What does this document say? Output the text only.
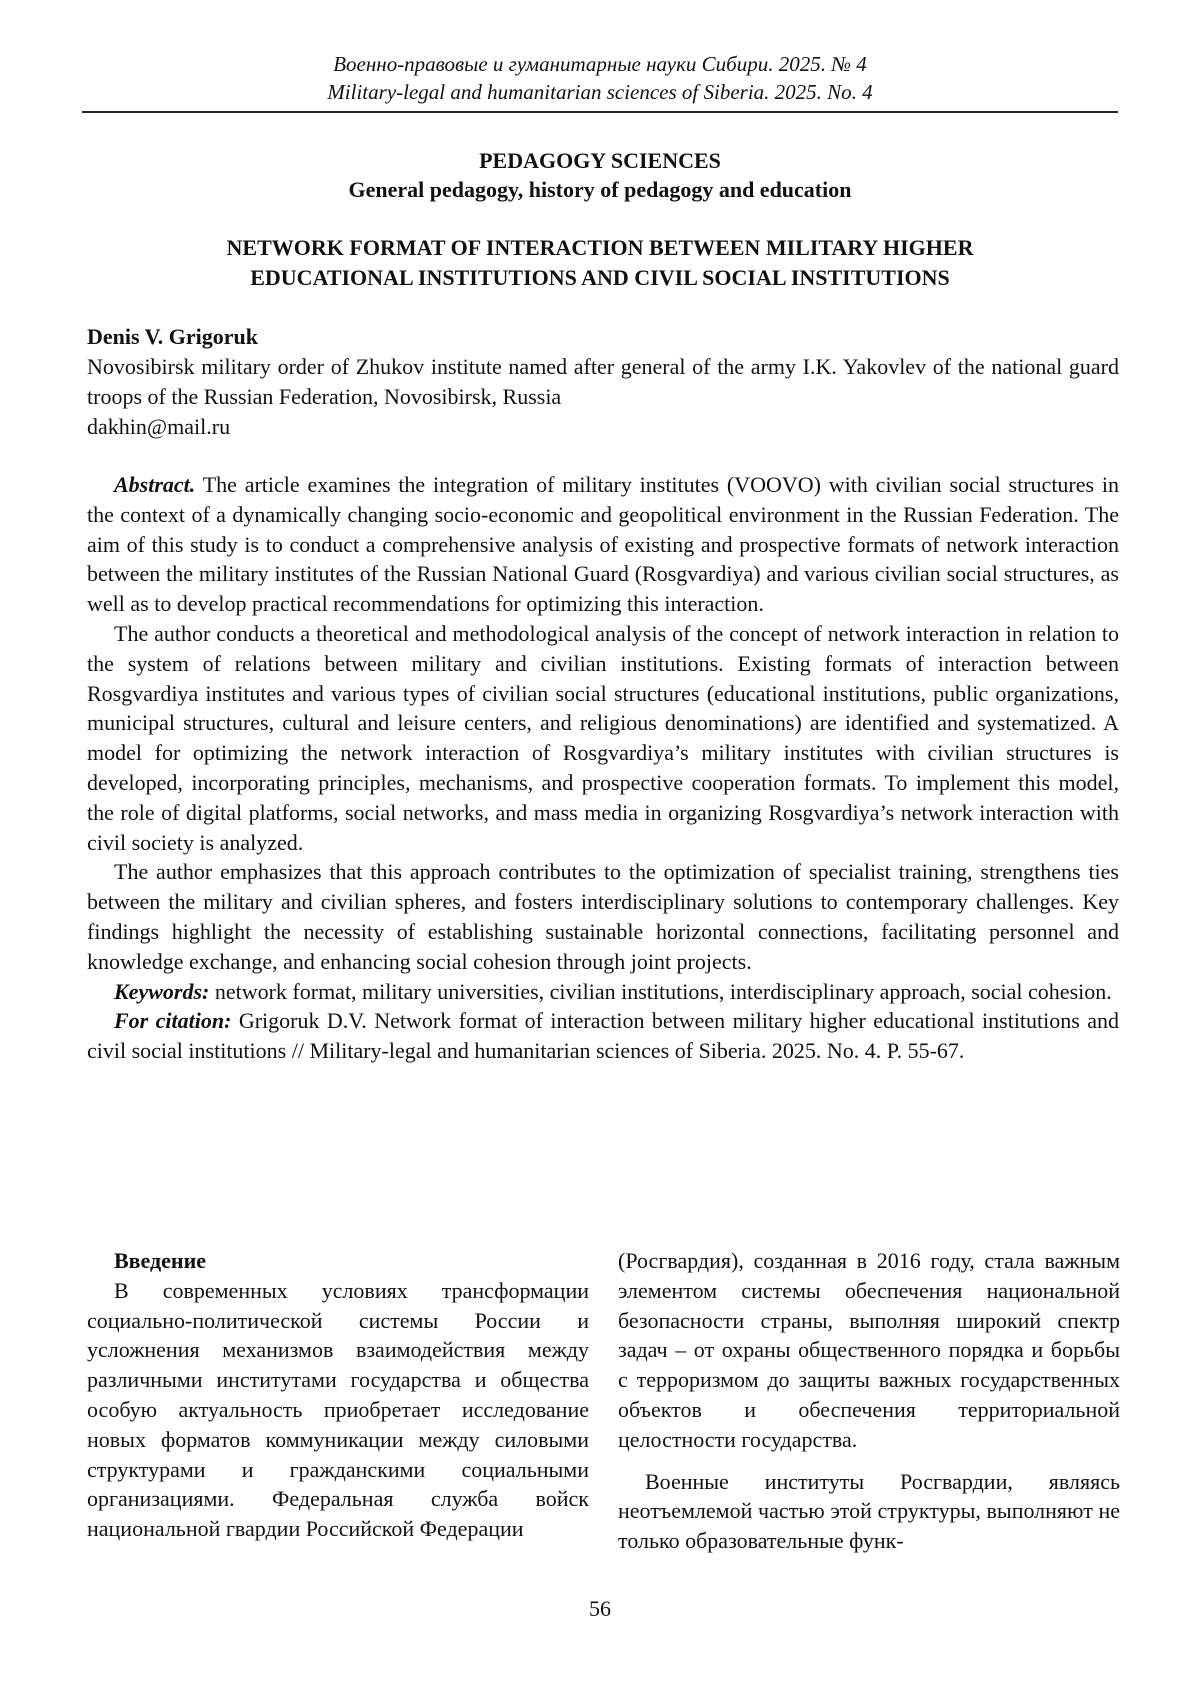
Военно-правовые и гуманитарные науки Сибири. 2025. № 4
Military-legal and humanitarian sciences of Siberia. 2025. No. 4
PEDAGOGY SCIENCES
General pedagogy, history of pedagogy and education
NETWORK FORMAT OF INTERACTION BETWEEN MILITARY HIGHER
EDUCATIONAL INSTITUTIONS AND CIVIL SOCIAL INSTITUTIONS
Denis V. Grigoruk
Novosibirsk military order of Zhukov institute named after general of the army I.K. Yakovlev of the national guard troops of the Russian Federation, Novosibirsk, Russia
dakhin@mail.ru

Abstract. The article examines the integration of military institutes (VOOVO) with civilian social structures in the context of a dynamically changing socio-economic and geopolitical environment in the Russian Federation. The aim of this study is to conduct a comprehensive analysis of existing and prospective formats of network interaction between the military institutes of the Russian National Guard (Rosgvardiya) and various civilian social structures, as well as to develop practical recommendations for optimizing this interaction.

The author conducts a theoretical and methodological analysis of the concept of network interaction in relation to the system of relations between military and civilian institutions. Existing formats of interaction between Rosgvardiya institutes and various types of civilian social structures (educational institutions, public organizations, municipal structures, cultural and leisure centers, and religious denominations) are identified and systematized. A model for optimizing the network interaction of Rosgvardiya’s military institutes with civilian structures is developed, incorporating principles, mechanisms, and prospective cooperation formats. To implement this model, the role of digital platforms, social networks, and mass media in organizing Rosgvardiya’s network interaction with civil society is analyzed.

The author emphasizes that this approach contributes to the optimization of specialist training, strengthens ties between the military and civilian spheres, and fosters interdisciplinary solutions to contemporary challenges. Key findings highlight the necessity of establishing sustainable horizontal connections, facilitating personnel and knowledge exchange, and enhancing social cohesion through joint projects.

Keywords: network format, military universities, civilian institutions, interdisciplinary approach, social cohesion.

For citation: Grigoruk D.V. Network format of interaction between military higher educational institutions and civil social institutions // Military-legal and humanitarian sciences of Siberia. 2025. No. 4. P. 55-67.

Введение

В современных условиях трансформации социально-политической системы России и усложнения механизмов взаимодействия между различными институтами государства и общества особую актуальность приобретает исследование новых форматов коммуникации между силовыми структурами и гражданскими социальными организациями. Федеральная служба войск национальной гвардии Российской Федерации

(Росгвардия), созданная в 2016 году, стала важным элементом системы обеспечения национальной безопасности страны, выполняя широкий спектр задач – от охраны общественного порядка и борьбы с терроризмом до защиты важных государственных объектов и обеспечения территориальной целостности государства.

Военные институты Росгвардии, являясь неотъемлемой частью этой структуры, выполняют не только образовательные функ-

56
